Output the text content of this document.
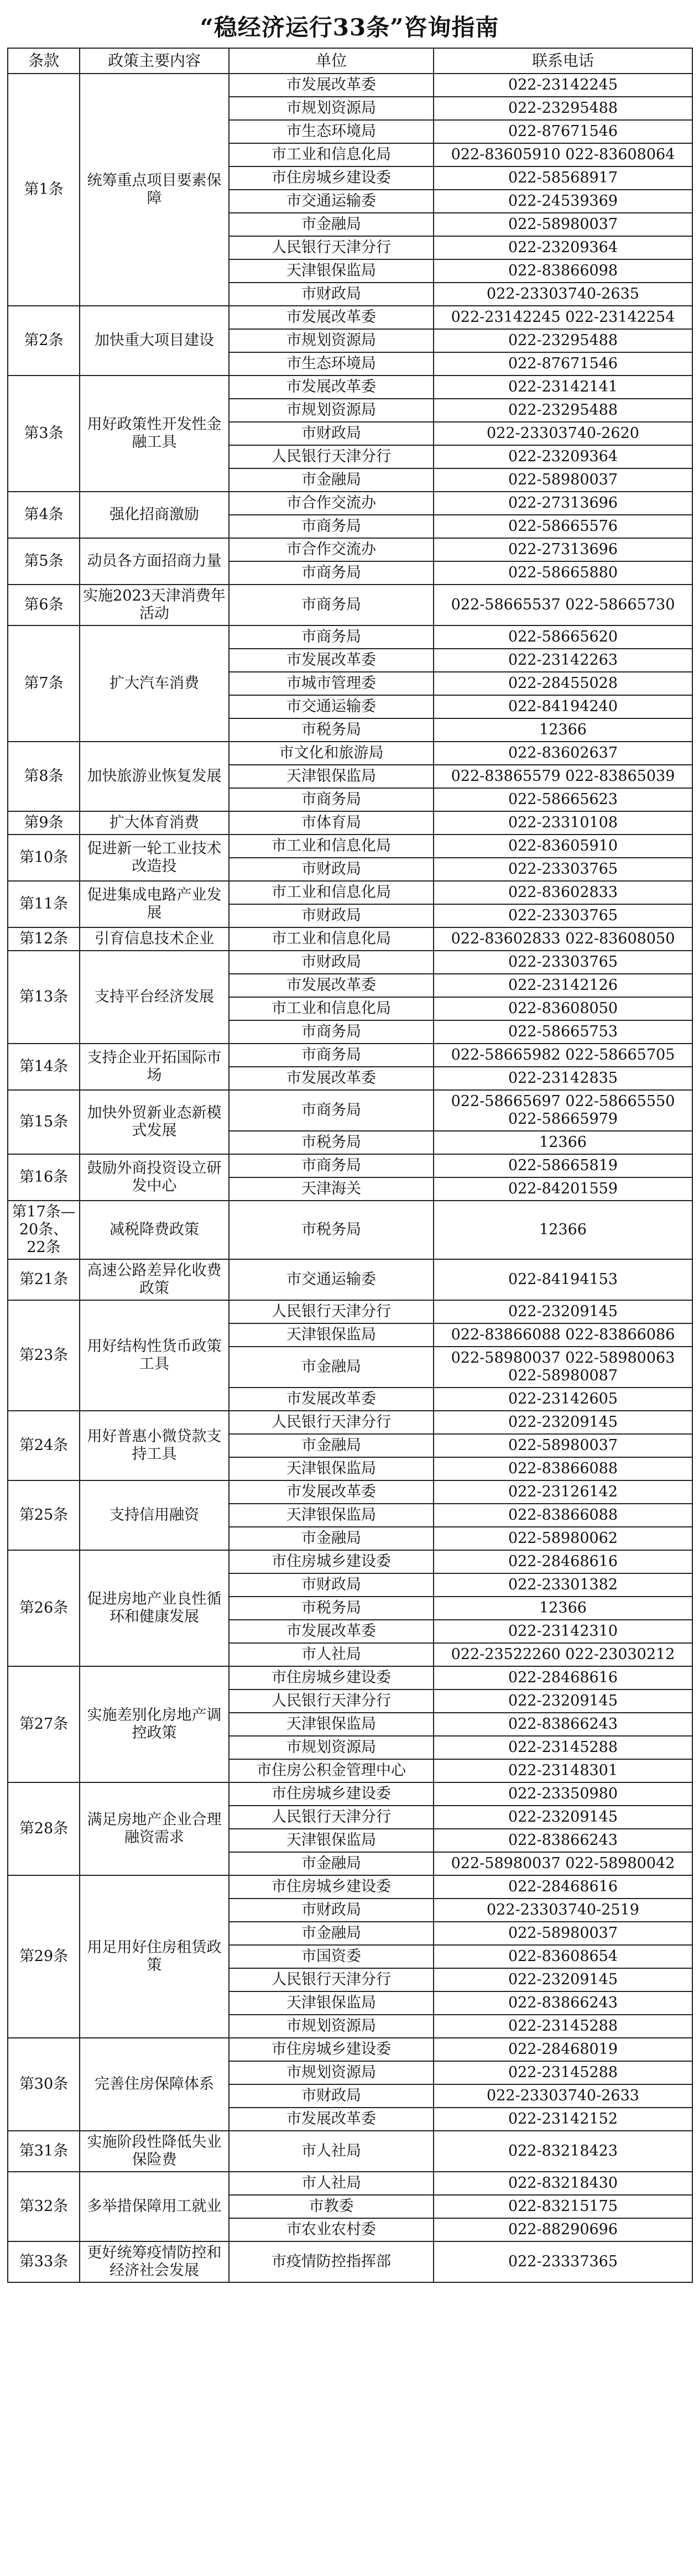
“稳经济运行33条”咨询指南
条款	政策主要内容	单位	联系电话
第1条	统筹重点项目要素保障	市发展改革委	022-23142245
		市规划资源局	022-23295488
		市生态环境局	022-87671546
		市工业和信息化局	022-83605910 022-83608064
		市住房城乡建设委	022-58568917
		市交通运输委	022-24539369
		市金融局	022-58980037
		人民银行天津分行	022-23209364
		天津银保监局	022-83866098
		市财政局	022-23303740-2635
第2条	加快重大项目建设	市发展改革委	022-23142245 022-23142254
		市规划资源局	022-23295488
		市生态环境局	022-87671546
第3条	用好政策性开发性金融工具	市发展改革委	022-23142141
		市规划资源局	022-23295488
		市财政局	022-23303740-2620
		人民银行天津分行	022-23209364
		市金融局	022-58980037
第4条	强化招商激励	市合作交流办	022-27313696
		市商务局	022-58665576
第5条	动员各方面招商力量	市合作交流办	022-27313696
		市商务局	022-58665880
第6条	实施2023天津消费年活动	市商务局	022-58665537 022-58665730
第7条	扩大汽车消费	市商务局	022-58665620
		市发展改革委	022-23142263
		市城市管理委	022-28455028
		市交通运输委	022-84194240
		市税务局	12366
第8条	加快旅游业恢复发展	市文化和旅游局	022-83602637
		天津银保监局	022-83865579 022-83865039
		市商务局	022-58665623
第9条	扩大体育消费	市体育局	022-23310108
第10条	促进新一轮工业技术改造投	市工业和信息化局	022-83605910
		市财政局	022-23303765
第11条	促进集成电路产业发展	市工业和信息化局	022-83602833
		市财政局	022-23303765
第12条	引育信息技术企业	市工业和信息化局	022-83602833 022-83608050
第13条	支持平台经济发展	市财政局	022-23303765
		市发展改革委	022-23142126
		市工业和信息化局	022-83608050
		市商务局	022-58665753
第14条	支持企业开拓国际市场	市商务局	022-58665982 022-58665705
		市发展改革委	022-23142835
第15条	加快外贸新业态新模式发展	市商务局	022-58665697 022-58665550 022-58665979
		市税务局	12366
第16条	鼓励外商投资设立研发中心	市商务局	022-58665819
		天津海关	022-84201559
第17条—20条、22条	减税降费政策	市税务局	12366
第21条	高速公路差异化收费政策	市交通运输委	022-84194153
第23条	用好结构性货币政策工具	人民银行天津分行	022-23209145
		天津银保监局	022-83866088 022-83866086
		市金融局	022-58980037 022-58980063 022-58980087
		市发展改革委	022-23142605
第24条	用好普惠小微贷款支持工具	人民银行天津分行	022-23209145
		市金融局	022-58980037
		天津银保监局	022-83866088
第25条	支持信用融资	市发展改革委	022-23126142
		天津银保监局	022-83866088
		市金融局	022-58980062
第26条	促进房地产业良性循环和健康发展	市住房城乡建设委	022-28468616
		市财政局	022-23301382
		市税务局	12366
		市发展改革委	022-23142310
		市人社局	022-23522260 022-23030212
第27条	实施差别化房地产调控政策	市住房城乡建设委	022-28468616
		人民银行天津分行	022-23209145
		天津银保监局	022-83866243
		市规划资源局	022-23145288
		市住房公积金管理中心	022-23148301
第28条	满足房地产企业合理融资需求	市住房城乡建设委	022-23350980
		人民银行天津分行	022-23209145
		天津银保监局	022-83866243
		市金融局	022-58980037 022-58980042
第29条	用足用好住房租赁政策	市住房城乡建设委	022-28468616
		市财政局	022-23303740-2519
		市金融局	022-58980037
		市国资委	022-83608654
		人民银行天津分行	022-23209145
		天津银保监局	022-83866243
		市规划资源局	022-23145288
第30条	完善住房保障体系	市住房城乡建设委	022-28468019
		市规划资源局	022-23145288
		市财政局	022-23303740-2633
		市发展改革委	022-23142152
第31条	实施阶段性降低失业保险费	市人社局	022-83218423
第32条	多举措保障用工就业	市人社局	022-83218430
		市教委	022-83215175
		市农业农村委	022-88290696
第33条	更好统筹疫情防控和经济社会发展	市疫情防控指挥部	022-23337365
